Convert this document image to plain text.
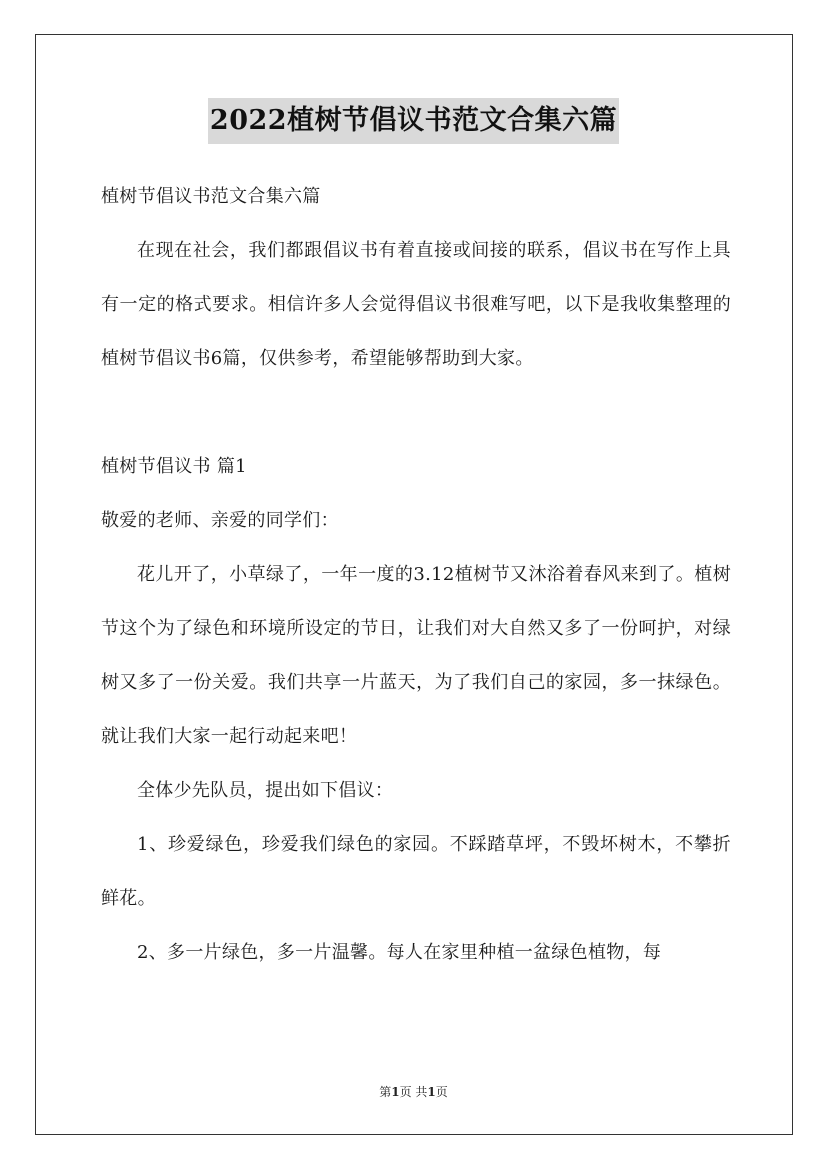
2022植树节倡议书范文合集六篇

植树节倡议书范文合集六篇

在现在社会，我们都跟倡议书有着直接或间接的联系，倡议书在写作上具有一定的格式要求。相信许多人会觉得倡议书很难写吧，以下是我收集整理的植树节倡议书6篇，仅供参考，希望能够帮助到大家。

植树节倡议书 篇1

敬爱的老师、亲爱的同学们：

花儿开了，小草绿了，一年一度的3.12植树节又沐浴着春风来到了。植树节这个为了绿色和环境所设定的节日，让我们对大自然又多了一份呵护，对绿树又多了一份关爱。我们共享一片蓝天，为了我们自己的家园，多一抹绿色。就让我们大家一起行动起来吧！

全体少先队员，提出如下倡议：

1、珍爱绿色，珍爱我们绿色的家园。不踩踏草坪，不毁坏树木，不攀折鲜花。

2、多一片绿色，多一片温馨。每人在家里种植一盆绿色植物，每

第1页 共1页
